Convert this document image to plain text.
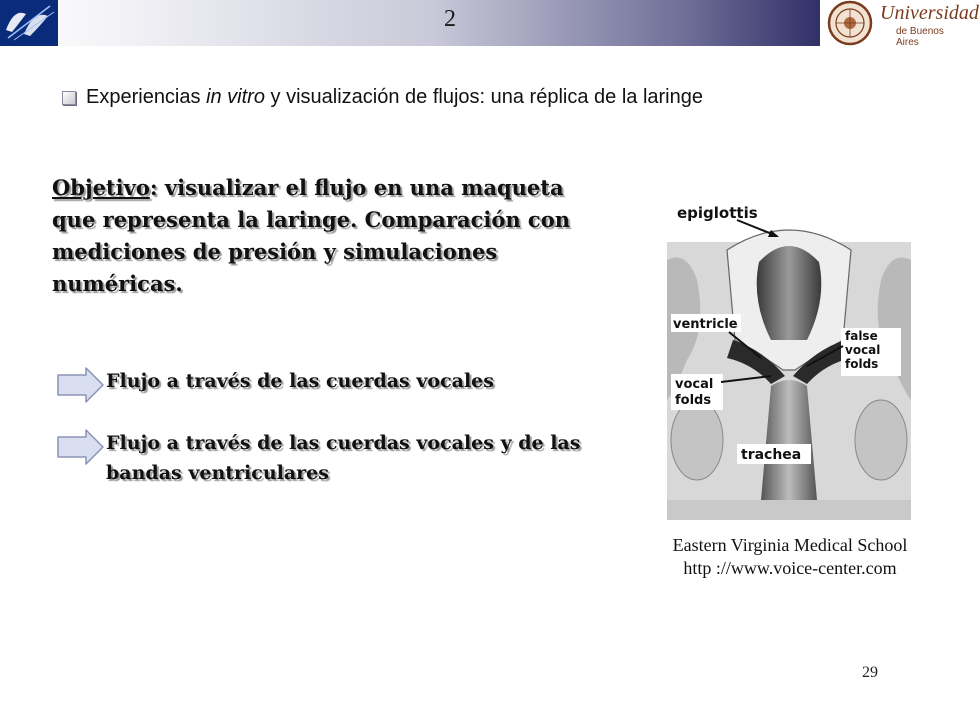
2	Universidad
de Buenos Aires
Experiencias in vitro y visualización de flujos: una réplica de la laringe
Objetivo: visualizar el flujo en una maqueta que representa la laringe. Comparación con mediciones de presión y simulaciones numéricas.
Flujo a través de las cuerdas vocales
Flujo a través de las cuerdas vocales y de las bandas ventriculares
epiglottis
ventricle
false
vocal
folds
vocal
folds
trachea
Eastern Virginia Medical School
http ://www.voice-center.com
29
